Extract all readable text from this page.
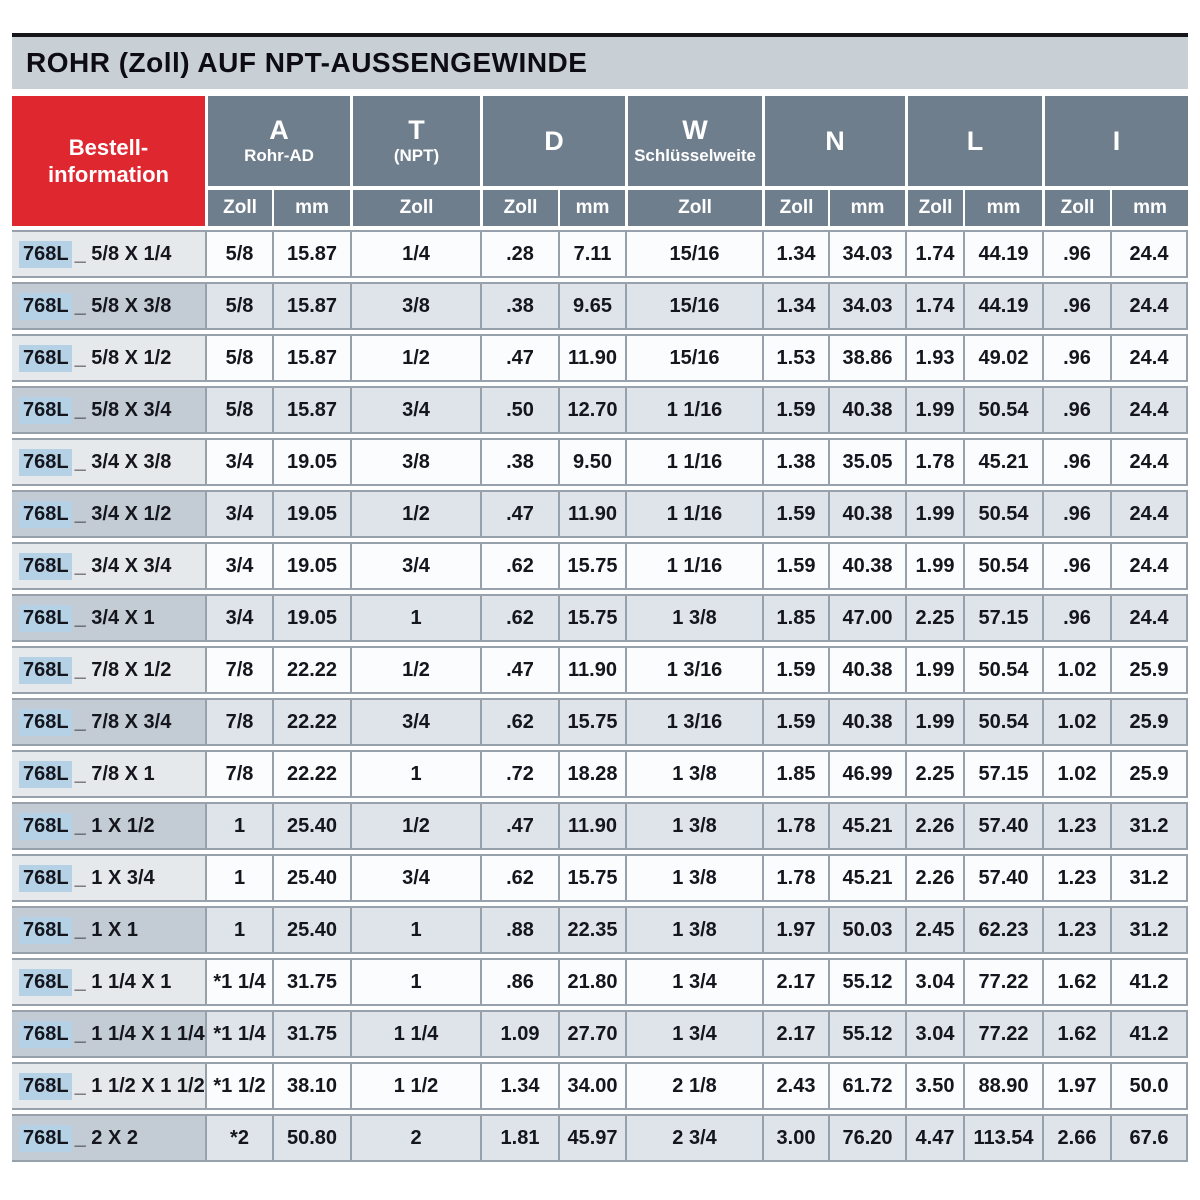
ROHR (Zoll) AUF NPT-AUSSENGEWINDE
Bestell-
information	A
Rohr-AD		T
(NPT)	D		W
Schlüsselweite	N		L		I	

	Zoll	mm	Zoll	Zoll	mm	Zoll	Zoll	mm	Zoll	mm	Zoll	mm
768L _ 5/8 X 1/4	5/8	15.87	1/4	.28	7.11	15/16	1.34	34.03	1.74	44.19	.96	24.4
768L _ 5/8 X 3/8	5/8	15.87	3/8	.38	9.65	15/16	1.34	34.03	1.74	44.19	.96	24.4
768L _ 5/8 X 1/2	5/8	15.87	1/2	.47	11.90	15/16	1.53	38.86	1.93	49.02	.96	24.4
768L _ 5/8 X 3/4	5/8	15.87	3/4	.50	12.70	1 1/16	1.59	40.38	1.99	50.54	.96	24.4
768L _ 3/4 X 3/8	3/4	19.05	3/8	.38	9.50	1 1/16	1.38	35.05	1.78	45.21	.96	24.4
768L _ 3/4 X 1/2	3/4	19.05	1/2	.47	11.90	1 1/16	1.59	40.38	1.99	50.54	.96	24.4
768L _ 3/4 X 3/4	3/4	19.05	3/4	.62	15.75	1 1/16	1.59	40.38	1.99	50.54	.96	24.4
768L _ 3/4 X 1	3/4	19.05	1	.62	15.75	1 3/8	1.85	47.00	2.25	57.15	.96	24.4
768L _ 7/8 X 1/2	7/8	22.22	1/2	.47	11.90	1 3/16	1.59	40.38	1.99	50.54	1.02	25.9
768L _ 7/8 X 3/4	7/8	22.22	3/4	.62	15.75	1 3/16	1.59	40.38	1.99	50.54	1.02	25.9
768L _ 7/8 X 1	7/8	22.22	1	.72	18.28	1 3/8	1.85	46.99	2.25	57.15	1.02	25.9
768L _ 1 X 1/2	1	25.40	1/2	.47	11.90	1 3/8	1.78	45.21	2.26	57.40	1.23	31.2
768L _ 1 X 3/4	1	25.40	3/4	.62	15.75	1 3/8	1.78	45.21	2.26	57.40	1.23	31.2
768L _ 1 X 1	1	25.40	1	.88	22.35	1 3/8	1.97	50.03	2.45	62.23	1.23	31.2
768L _ 1 1/4 X 1	*1 1/4	31.75	1	.86	21.80	1 3/4	2.17	55.12	3.04	77.22	1.62	41.2
768L _ 1 1/4 X 1 1/4	*1 1/4	31.75	1 1/4	1.09	27.70	1 3/4	2.17	55.12	3.04	77.22	1.62	41.2
768L _ 1 1/2 X 1 1/2	*1 1/2	38.10	1 1/2	1.34	34.00	2 1/8	2.43	61.72	3.50	88.90	1.97	50.0
768L _ 2 X 2	*2	50.80	2	1.81	45.97	2 3/4	3.00	76.20	4.47	113.54	2.66	67.6
